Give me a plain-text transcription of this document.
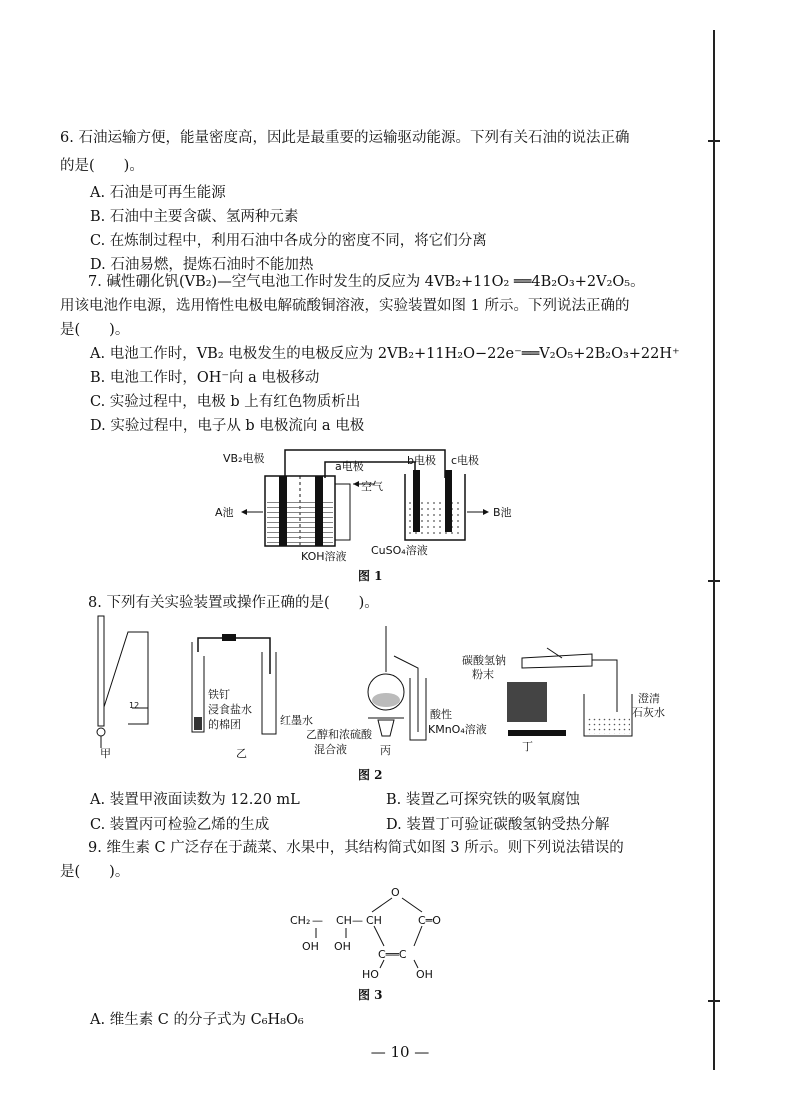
6. 石油运输方便，能量密度高，因此是最重要的运输驱动能源。下列有关石油的说法正确
的是(　　)。
A. 石油是可再生能源
B. 石油中主要含碳、氢两种元素
C. 在炼制过程中，利用石油中各成分的密度不同，将它们分离
D. 石油易燃，提炼石油时不能加热
7. 碱性硼化钒(VB₂)—空气电池工作时发生的反应为 4VB₂+11O₂ ══4B₂O₃+2V₂O₅。
用该电池作电源，选用惰性电极电解硫酸铜溶液，实验装置如图 1 所示。下列说法正确的
是(　　)。
A. 电池工作时，VB₂ 电极发生的电极反应为 2VB₂+11H₂O−22e⁻══V₂O₅+2B₂O₃+22H⁺
B. 电池工作时，OH⁻向 a 电极移动
C. 实验过程中，电极 b 上有红色物质析出
D. 实验过程中，电子从 b 电极流向 a 电极
VB₂电极
a电极	b电极 c电极
空气
A池	B池
KOH溶液 CuSO₄溶液
图 1
8. 下列有关实验装置或操作正确的是(　　)。
12
甲	乙	丙	丁
铁钉
浸食盐水
的棉团	红墨水
乙醇和浓硫酸
混合液
酸性
KMnO₄溶液
碳酸氢钠
粉末
澄清
石灰水
图 2
A. 装置甲液面读数为 12.20 mL	B. 装置乙可探究铁的吸氧腐蚀
C. 装置丙可检验乙烯的生成	D. 装置丁可验证碳酸氢钠受热分解
9. 维生素 C 广泛存在于蔬菜、水果中，其结构简式如图 3 所示。则下列说法错误的
是(　　)。
O
CH₂ — CH — CH	C═O
OH OH
C══C
HO	OH
图 3
A. 维生素 C 的分子式为 C₆H₈O₆
— 10 —
